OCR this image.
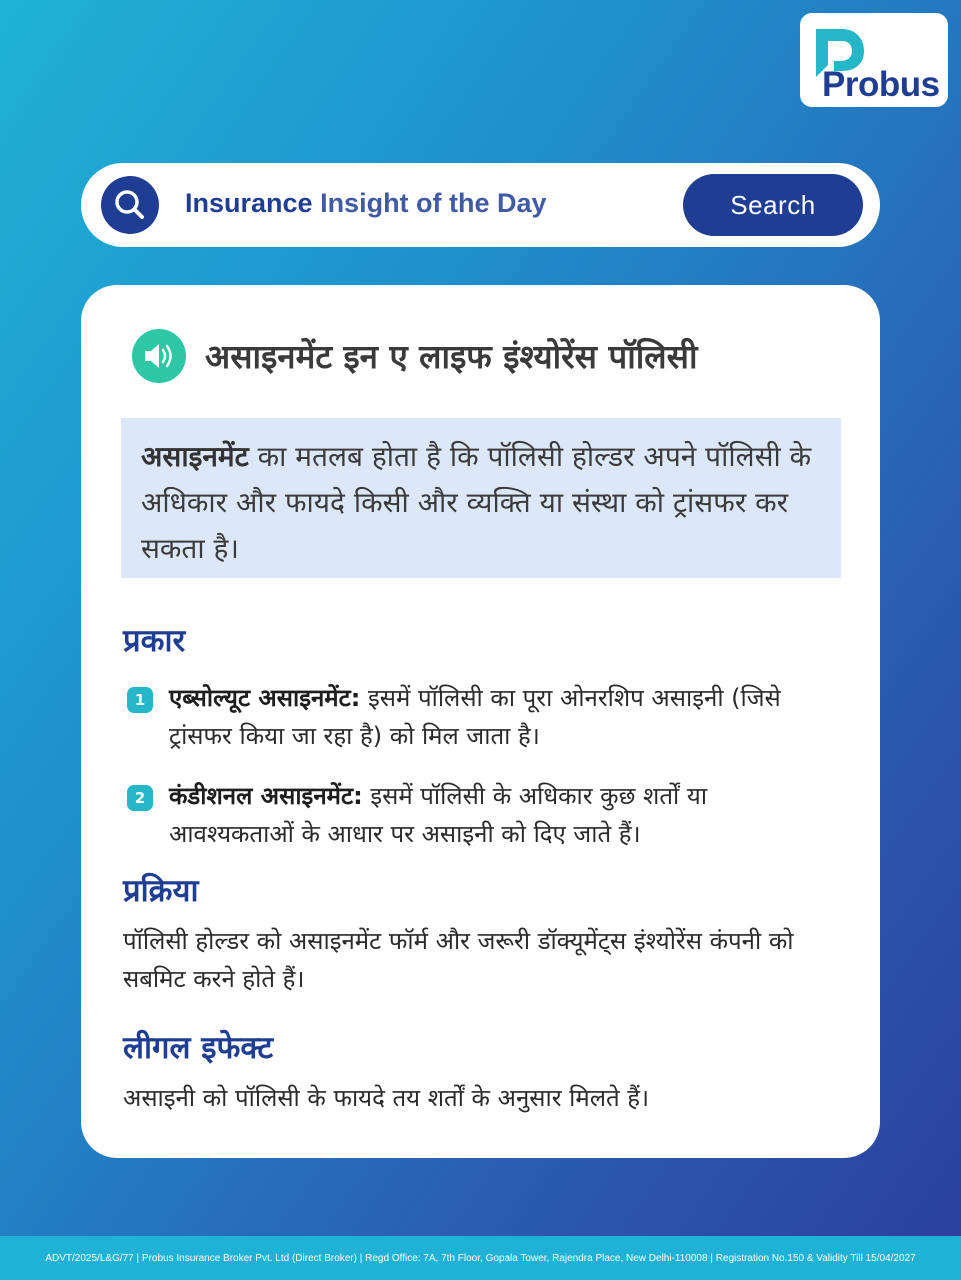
Probus
Insurance Insight of the Day	Search
असाइनमेंट इन ए लाइफ इंश्योरेंस पॉलिसी
असाइनमेंट का मतलब होता है कि पॉलिसी होल्डर अपने पॉलिसी के अधिकार और फायदे किसी और व्यक्ति या संस्था को ट्रांसफर कर सकता है।
प्रकार
1 एब्सोल्यूट असाइनमेंट: इसमें पॉलिसी का पूरा ओनरशिप असाइनी (जिसे ट्रांसफर किया जा रहा है) को मिल जाता है।
2 कंडीशनल असाइनमेंट: इसमें पॉलिसी के अधिकार कुछ शर्तों या आवश्यकताओं के आधार पर असाइनी को दिए जाते हैं।
प्रक्रिया
पॉलिसी होल्डर को असाइनमेंट फॉर्म और जरूरी डॉक्यूमेंट्स इंश्योरेंस कंपनी को सबमिट करने होते हैं।
लीगल इफेक्ट
असाइनी को पॉलिसी के फायदे तय शर्तों के अनुसार मिलते हैं।
ADVT/2025/L&G/77 | Probus Insurance Broker Pvt. Ltd (Direct Broker) | Regd Office: 7A, 7th Floor, Gopala Tower, Rajendra Place, New Delhi-110008 | Registration No.150 & Validity Till 15/04/2027
